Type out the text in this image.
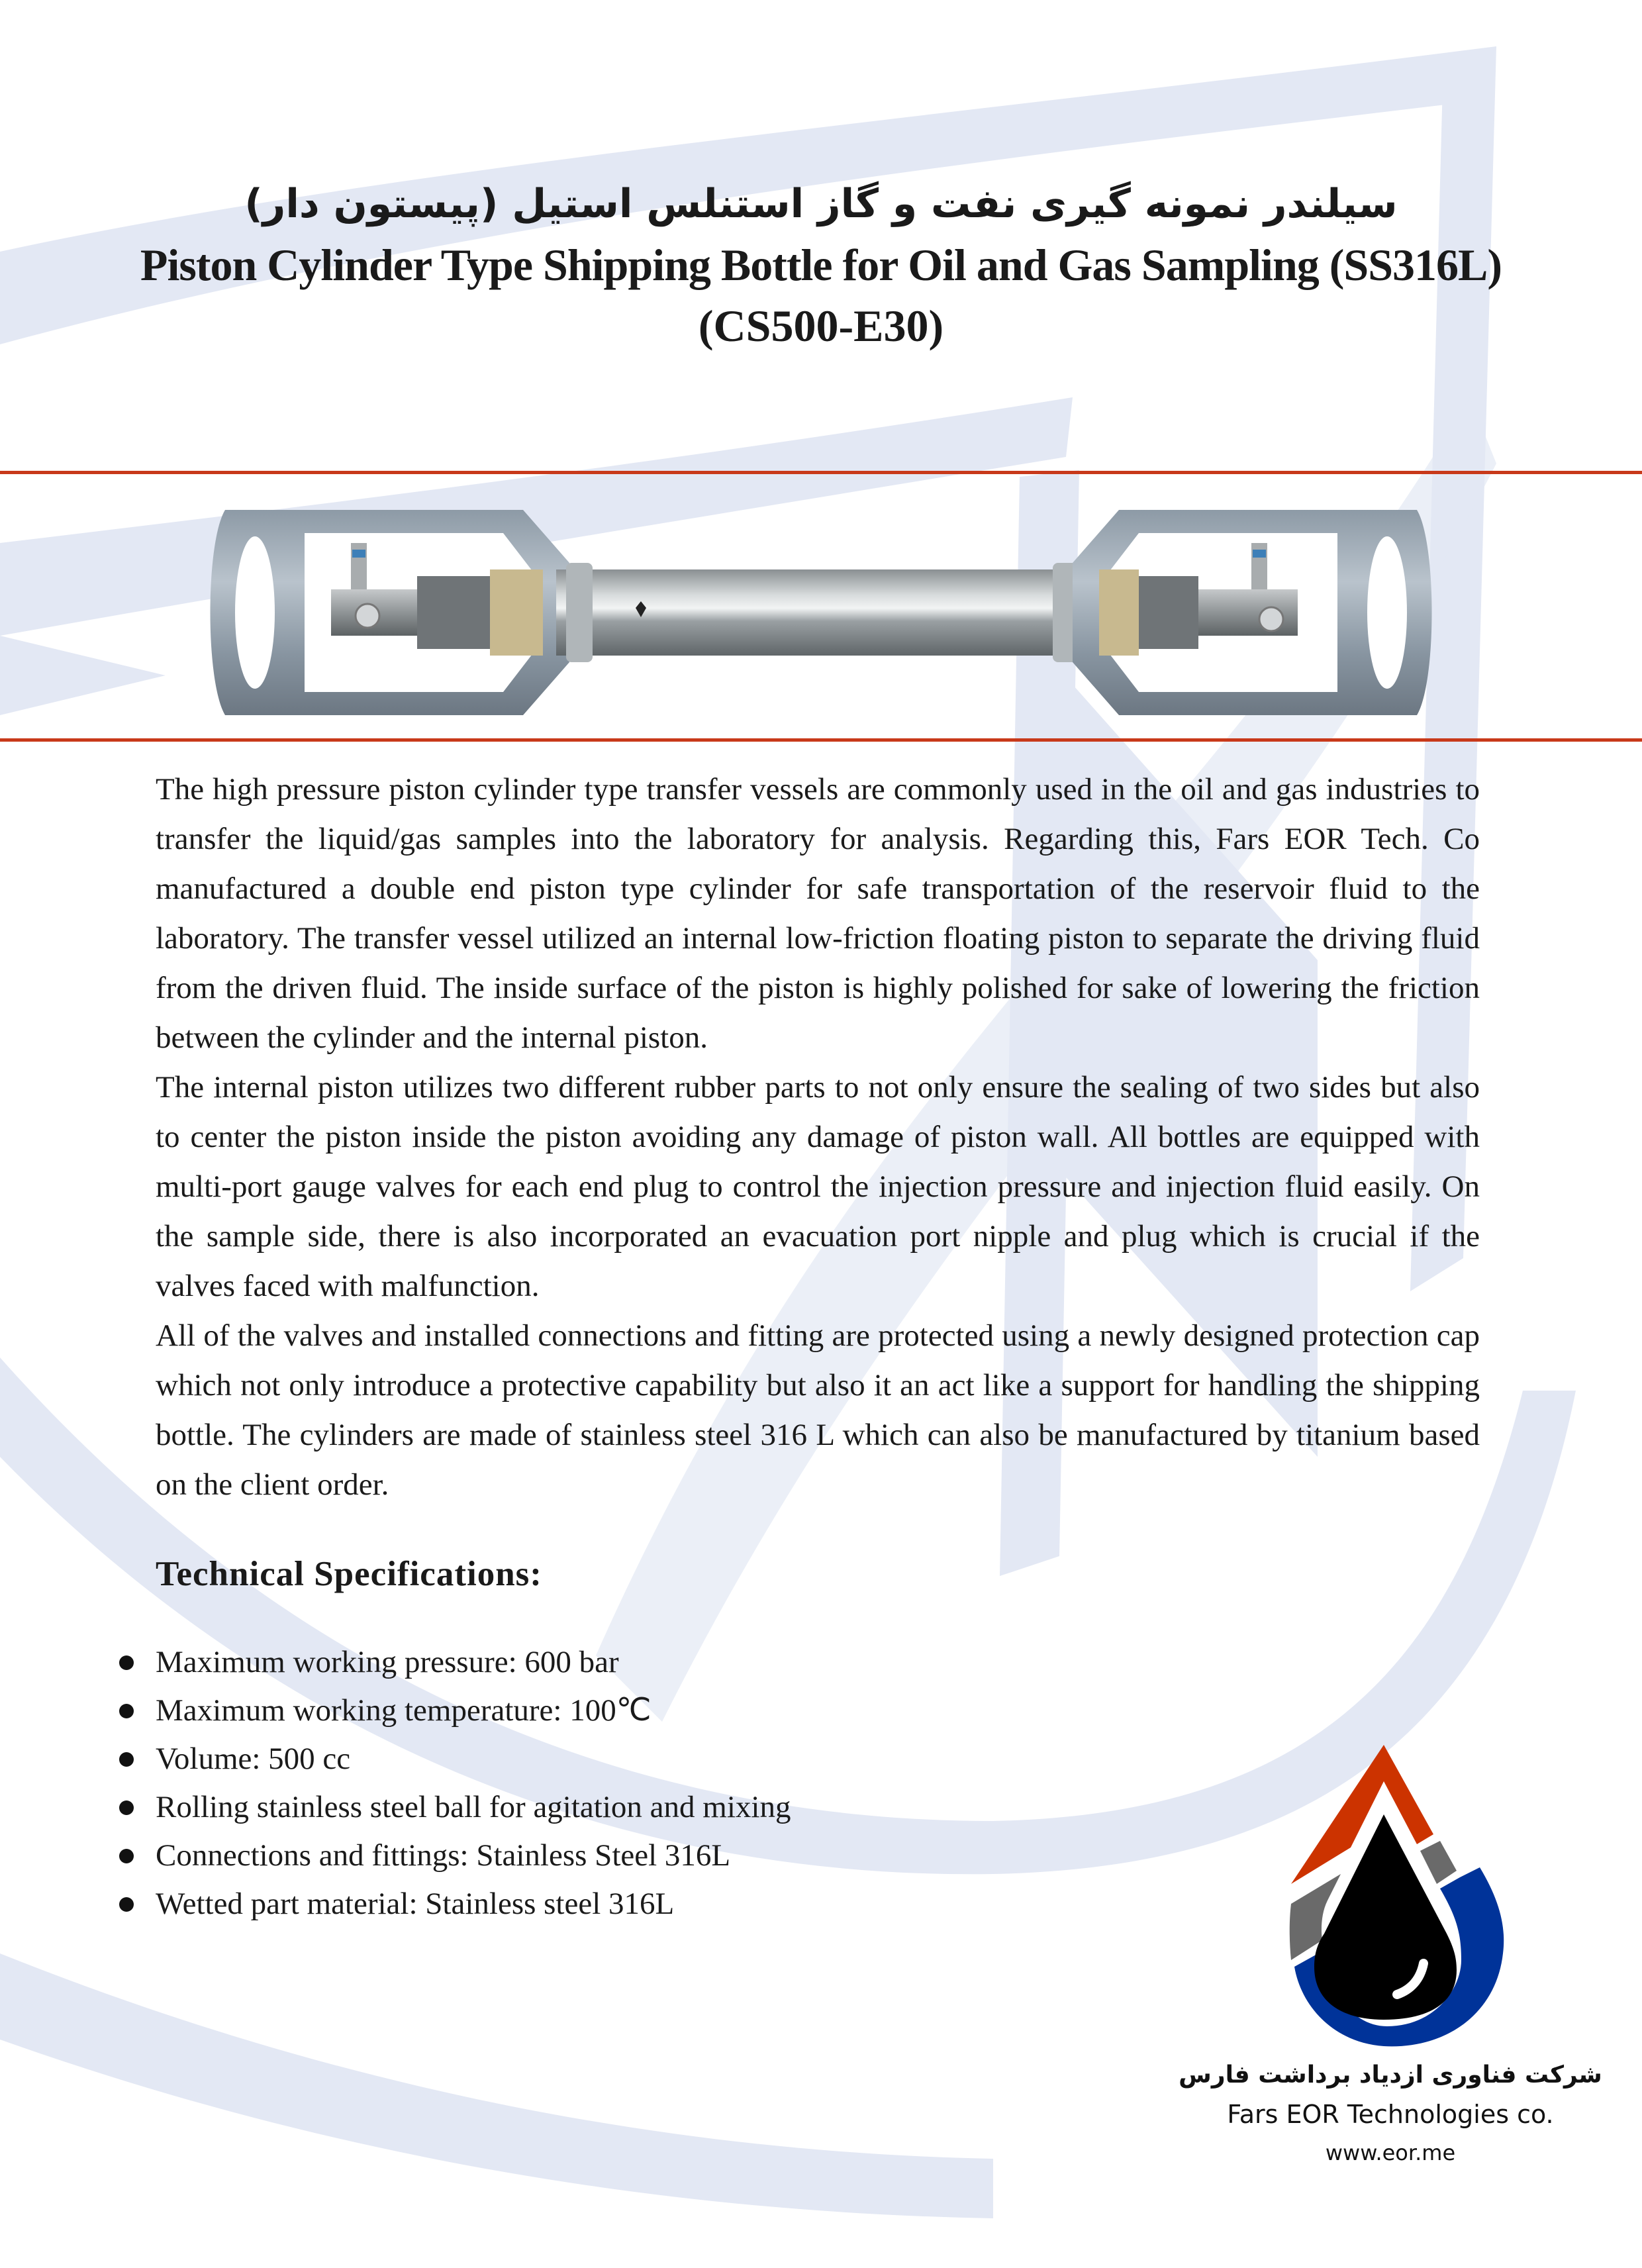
سیلندر نمونه گیری نفت و گاز استنلس استیل (پیستون دار)
Piston Cylinder Type Shipping Bottle for Oil and Gas Sampling (SS316L)
(CS500-E30)

The high pressure piston cylinder type transfer vessels are commonly used in the oil and gas industries to transfer the liquid/gas samples into the laboratory for analysis. Regarding this, Fars EOR Tech. Co manufactured a double end piston type cylinder for safe transportation of the reservoir fluid to the laboratory. The transfer vessel utilized an internal low-friction floating piston to separate the driving fluid from the driven fluid. The inside surface of the piston is highly polished for sake of lowering the friction between the cylinder and the internal piston.

The internal piston utilizes two different rubber parts to not only ensure the sealing of two sides but also to center the piston inside the piston avoiding any damage of piston wall. All bottles are equipped with multi-port gauge valves for each end plug to control the injection pressure and injection fluid easily. On the sample side, there is also incorporated an evacuation port nipple and plug which is crucial if the valves faced with malfunction.

All of the valves and installed connections and fitting are protected using a newly designed protection cap which not only introduce a protective capability but also it an act like a support for handling the shipping bottle. The cylinders are made of stainless steel 316 L which can also be manufactured by titanium based on the client order.

Technical Specifications:
Maximum working pressure: 600 bar
Maximum working temperature: 100℃
Volume: 500 cc
Rolling stainless steel ball for agitation and mixing
Connections and fittings: Stainless Steel 316L
Wetted part material: Stainless steel 316L
شرکت فناوری ازدیاد برداشت فارس
Fars EOR Technologies co.
www.eor.me
